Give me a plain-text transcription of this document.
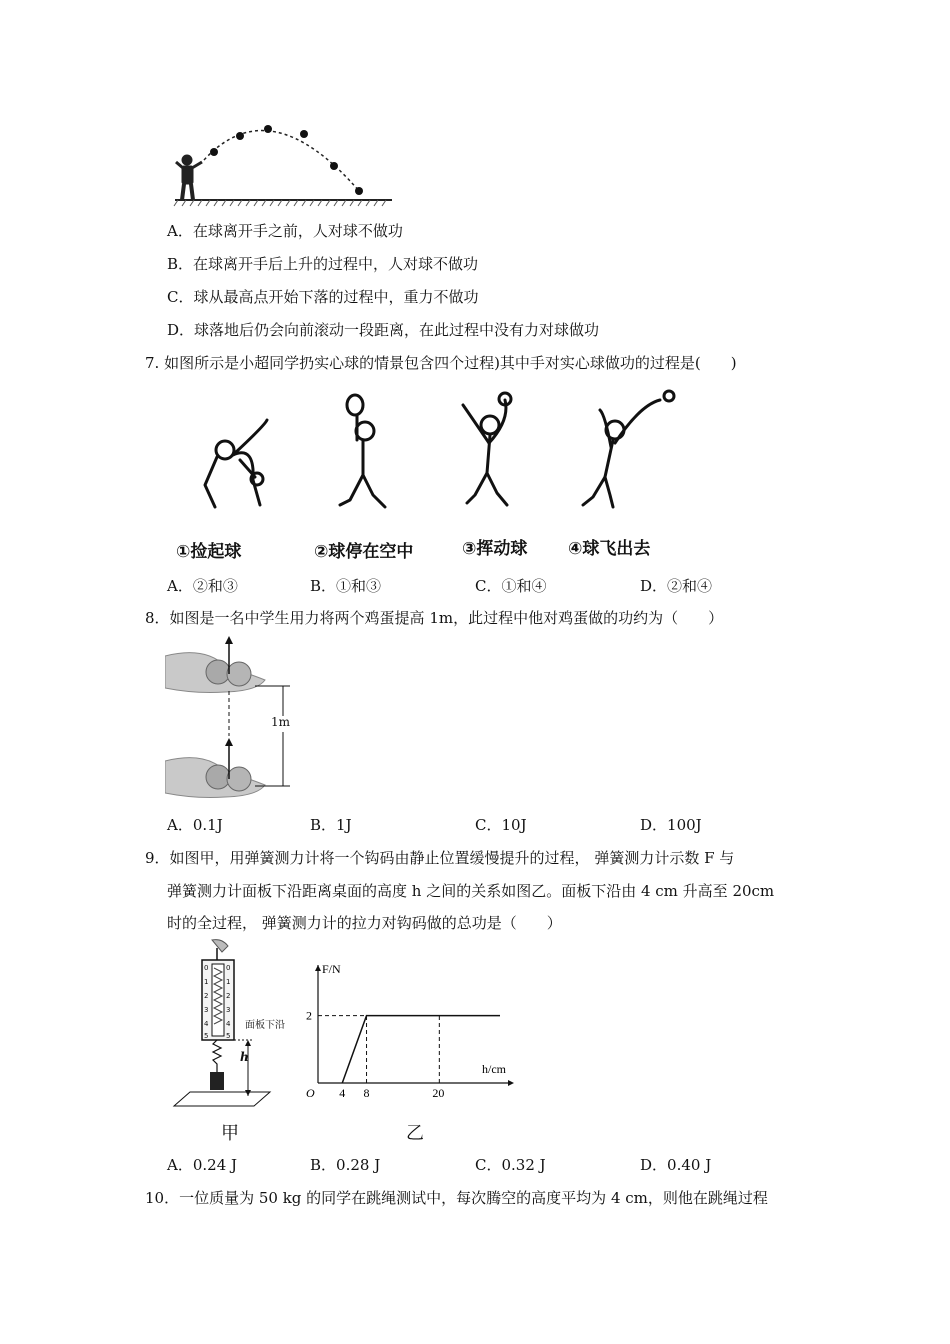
A．在球离开手之前，人对球不做功
B．在球离开手后上升的过程中，人对球不做功
C．球从最高点开始下落的过程中，重力不做功
D．球落地后仍会向前滚动一段距离，在此过程中没有力对球做功
7. 如图所示是小超同学扔实心球的情景包含四个过程)其中手对实心球做功的过程是(　　)
①捡起球	②球停在空中	③挥动球 ④球飞出去
A．②和③	B．①和③	C．①和④	D．②和④
8．如图是一名中学生用力将两个鸡蛋提高 1m，此过程中他对鸡蛋做的功约为（　　）
1m
A．0.1J	B．1J	C．10J	D．100J
9．如图甲，用弹簧测力计将一个钩码由静止位置缓慢提升的过程， 弹簧测力计示数 F 与
弹簧测力计面板下沿距离桌面的高度 h 之间的关系如图乙。面板下沿由 4 cm 升高至 20cm
时的全过程， 弹簧测力计的拉力对钩码做的总功是（　　）
0
1
2
3
4
5
0
1
2
3
4
5
面板下沿
h
甲
F/N
h/cm
O 4 8	20
2
乙
A．0.24 J	B．0.28 J	C．0.32 J	D．0.40 J
10．一位质量为 50 kg 的同学在跳绳测试中，每次腾空的高度平均为 4 cm，则他在跳绳过程
